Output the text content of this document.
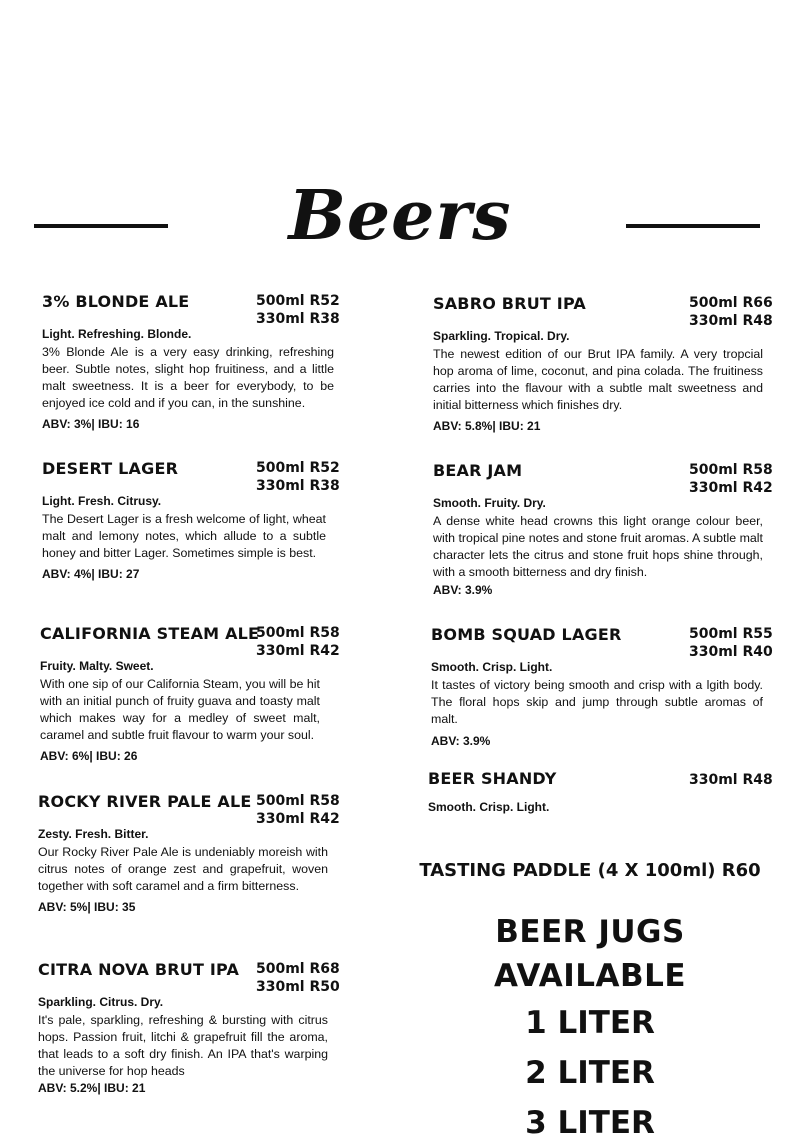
Beers
3% BLONDE ALE	500ml R52
330ml R38
Light. Refreshing. Blonde.
3% Blonde Ale is a very easy drinking, refreshing beer. Subtle notes, slight hop fruitiness, and a little malt sweetness. It is a beer for everybody, to be enjoyed ice cold and if you can, in the sunshine.
ABV: 3%| IBU: 16
DESERT LAGER	500ml R52
330ml R38
Light. Fresh. Citrusy.
The Desert Lager is a fresh welcome of light, wheat malt and lemony notes, which allude to a subtle honey and bitter Lager. Sometimes simple is best.
ABV: 4%| IBU: 27
CALIFORNIA STEAM ALE
500ml R58
330ml R42
Fruity. Malty. Sweet.
With one sip of our California Steam, you will be hit with an initial punch of fruity guava and toasty malt which makes way for a medley of sweet malt, caramel and subtle fruit flavour to warm your soul.
ABV: 6%| IBU: 26
ROCKY RIVER PALE ALE 500ml R58
330ml R42
Zesty. Fresh. Bitter.
Our Rocky River Pale Ale is undeniably moreish with citrus notes of orange zest and grapefruit, woven together with soft caramel and a firm bitterness.
ABV: 5%| IBU: 35
CITRA NOVA BRUT IPA	500ml R68
330ml R50
Sparkling. Citrus. Dry.
It's pale, sparkling, refreshing & bursting with citrus hops. Passion fruit, litchi & grapefruit fill the aroma, that leads to a soft dry finish. An IPA that's warping the universe for hop heads
ABV: 5.2%| IBU: 21
SABRO BRUT IPA	500ml R66
330ml R48
Sparkling. Tropical. Dry.
The newest edition of our Brut IPA family. A very tropcial hop aroma of lime, coconut, and pina colada. The fruitiness carries into the flavour with a subtle malt sweetness and initial bitterness which finishes dry.
ABV: 5.8%| IBU: 21
BEAR JAM	500ml R58
330ml R42
Smooth. Fruity. Dry.
A dense white head crowns this light orange colour beer, with tropical pine notes and stone fruit aromas. A subtle malt character lets the citrus and stone fruit hops shine through, with a smooth bitterness and dry finish.
ABV: 3.9%
BOMB SQUAD LAGER	500ml R55
330ml R40
Smooth. Crisp. Light.
It tastes of victory being smooth and crisp with a lgith body. The floral hops skip and jump through subtle aromas of malt.
ABV: 3.9%
BEER SHANDY	330ml R48
Smooth. Crisp. Light.
TASTING PADDLE (4 X 100ml) R60
BEER JUGS AVAILABLE
1 LITER
2 LITER
3 LITER
